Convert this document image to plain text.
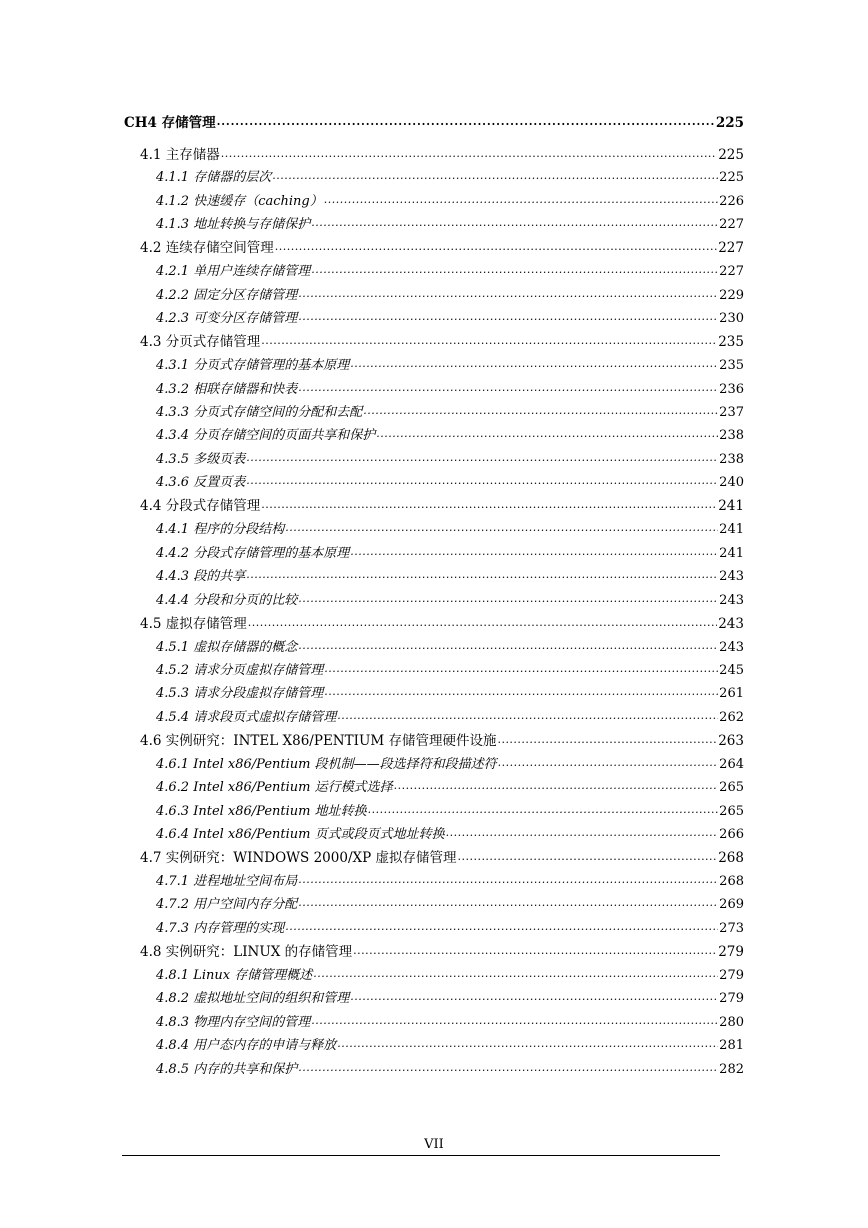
CH4 存储管理 . . .	225
4.1 主存储器 . . .	225
4.1.1 存储器的层次 . . .	225
4.1.2 快速缓存（caching） . . .	226
4.1.3 地址转换与存储保护 . . .	227
4.2 连续存储空间管理 . . .	227
4.2.1 单用户连续存储管理 . . .	227
4.2.2 固定分区存储管理 . . .	229
4.2.3 可变分区存储管理 . . .	230
4.3 分页式存储管理 . . .	235
4.3.1 分页式存储管理的基本原理 . . .	235
4.3.2 相联存储器和快表 . . .	236
4.3.3 分页式存储空间的分配和去配 . . .	237
4.3.4 分页存储空间的页面共享和保护 . . .	238
4.3.5 多级页表 . . .	238
4.3.6 反置页表 . . .	240
4.4 分段式存储管理 . . .	241
4.4.1 程序的分段结构 . . .	241
4.4.2 分段式存储管理的基本原理 . . .	241
4.4.3 段的共享 . . .	243
4.4.4 分段和分页的比较 . . .	243
4.5 虚拟存储管理 . . .	243
4.5.1 虚拟存储器的概念 . . .	243
4.5.2 请求分页虚拟存储管理 . . .	245
4.5.3 请求分段虚拟存储管理 . . .	261
4.5.4 请求段页式虚拟存储管理 . . .	262
4.6 实例研究：INTEL X86/PENTIUM 存储管理硬件设施 . . .	263
4.6.1 Intel x86/Pentium 段机制——段选择符和段描述符 . . .	264
4.6.2 Intel x86/Pentium 运行模式选择 . . .	265
4.6.3 Intel x86/Pentium 地址转换 . . .	265
4.6.4 Intel x86/Pentium 页式或段页式地址转换 . . .	266
4.7 实例研究：WINDOWS 2000/XP 虚拟存储管理 . . .	268
4.7.1 进程地址空间布局 . . .	268
4.7.2 用户空间内存分配 . . .	269
4.7.3 内存管理的实现 . . .	273
4.8 实例研究：LINUX 的存储管理 . . .	279
4.8.1 Linux 存储管理概述 . . .	279
4.8.2 虚拟地址空间的组织和管理 . . .	279
4.8.3 物理内存空间的管理 . . .	280
4.8.4 用户态内存的申请与释放 . . .	281
4.8.5 内存的共享和保护 . . .	282
VII
